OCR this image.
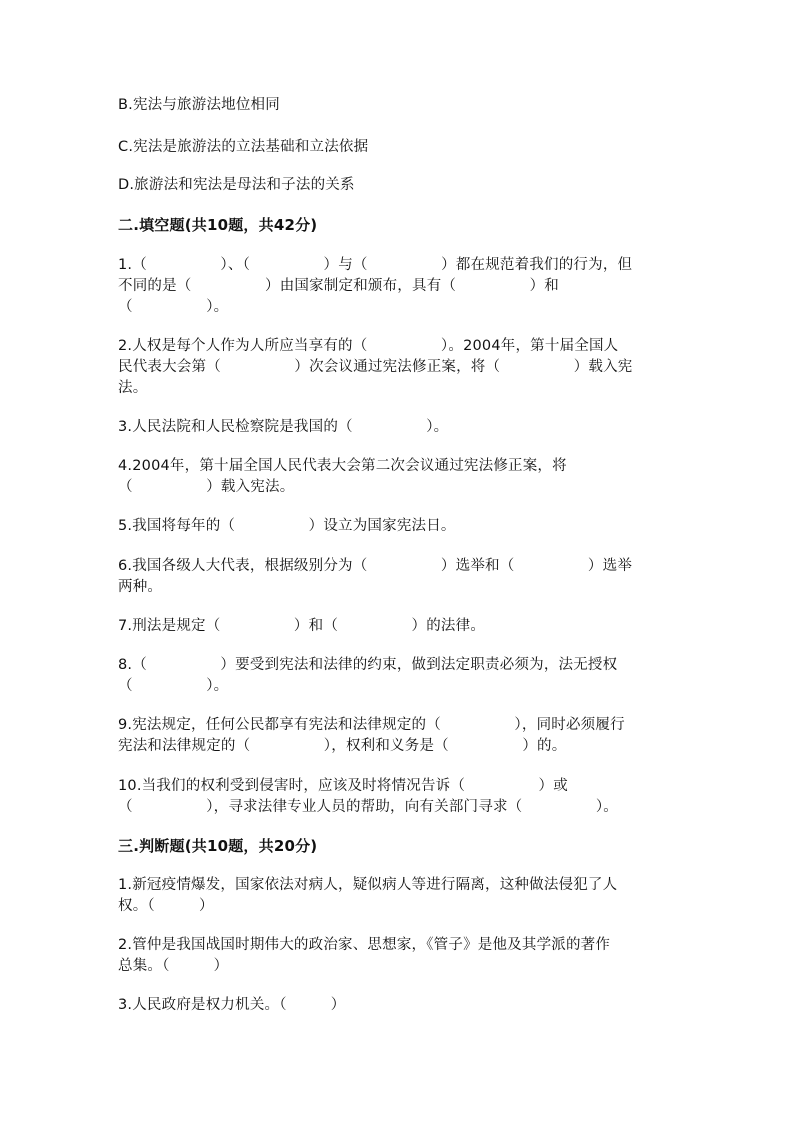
B.宪法与旅游法地位相同
C.宪法是旅游法的立法基础和立法依据
D.旅游法和宪法是母法和子法的关系
二.填空题(共10题，共42分)
1.（　　　　　）、（　　　　　）与（　　　　　）都在规范着我们的行为，但
不同的是（　　　　　）由国家制定和颁布，具有（　　　　　）和
（　　　　　）。
2.人权是每个人作为人所应当享有的（　　　　　）。2004年，第十届全国人
民代表大会第（　　　　　）次会议通过宪法修正案，将（　　　　　）载入宪
法。
3.人民法院和人民检察院是我国的（　　　　　）。
4.2004年，第十届全国人民代表大会第二次会议通过宪法修正案，将
（　　　　　）载入宪法。
5.我国将每年的（　　　　　）设立为国家宪法日。
6.我国各级人大代表，根据级别分为（　　　　　）选举和（　　　　　）选举
两种。
7.刑法是规定（　　　　　）和（　　　　　）的法律。
8.（　　　　　）要受到宪法和法律的约束，做到法定职责必须为，法无授权
（　　　　　）。
9.宪法规定，任何公民都享有宪法和法律规定的（　　　　　），同时必须履行
宪法和法律规定的（　　　　　），权利和义务是（　　　　　）的。
10.当我们的权利受到侵害时，应该及时将情况告诉（　　　　　）或
（　　　　　），寻求法律专业人员的帮助，向有关部门寻求（　　　　　）。
三.判断题(共10题，共20分)
1.新冠疫情爆发，国家依法对病人，疑似病人等进行隔离，这种做法侵犯了人
权。（　　　）
2.管仲是我国战国时期伟大的政治家、思想家，《管子》是他及其学派的著作
总集。（　　　）
3.人民政府是权力机关。（　　　）
